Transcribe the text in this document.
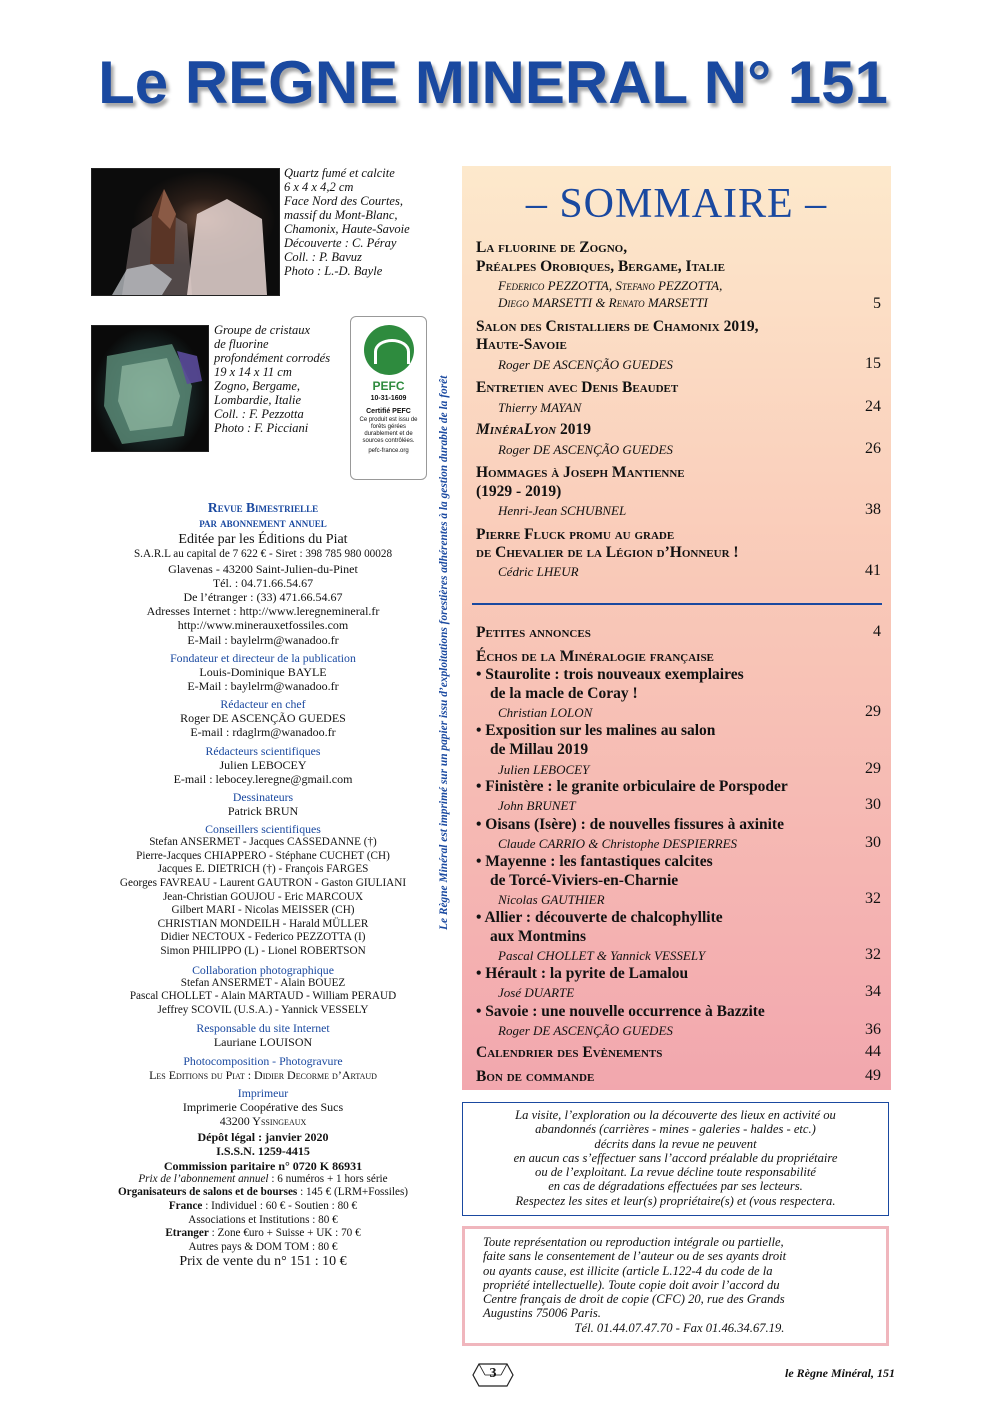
Le REGNE MINERAL N° 151
Quartz fumé et calcite
6 x 4 x 4,2 cm
Face Nord des Courtes,
massif du Mont-Blanc,
Chamonix, Haute-Savoie
Découverte : C. Péray
Coll. : P. Bavuz
Photo : L.-D. Bayle
Groupe de cristaux
de fluorine
profondément corrodés
19 x 14 x 11 cm
Zogno, Bergame,
Lombardie, Italie
Coll. : F. Pezzotta
Photo : F. Picciani
PEFC
10-31-1609
Certifié PEFC
Ce produit est issu de forêts gérées durablement et de sources contrôlées.
pefc-france.org	Le Règne Minéral est imprimé sur un papier issu d’exploitations forestières adhérentes à la gestion durable de la forêt
Revue Bimestrielle
par abonnement annuel
Editée par les Éditions du Piat
S.A.R.L au capital de 7 622 € - Siret : 398 785 980 00028
Glavenas - 43200 Saint-Julien-du-Pinet
Tél. : 04.71.66.54.67
De l’étranger : (33) 471.66.54.67
Adresses Internet : http://www.leregnemineral.fr
http://www.minerauxetfossiles.com
E-Mail : baylelrm@wanadoo.fr
Fondateur et directeur de la publication
Louis-Dominique BAYLE
E-Mail : baylelrm@wanadoo.fr
Rédacteur en chef
Roger DE ASCENÇÃO GUEDES
E-mail : rdaglrm@wanadoo.fr
Rédacteurs scientifiques
Julien LEBOCEY
E-mail : lebocey.leregne@gmail.com
Dessinateurs
Patrick BRUN
Conseillers scientifiques
Stefan ANSERMET - Jacques CASSEDANNE (†)
Pierre-Jacques CHIAPPERO - Stéphane CUCHET (CH)
Jacques E. DIETRICH (†) - François FARGES
Georges FAVREAU - Laurent GAUTRON - Gaston GIULIANI
Jean-Christian GOUJOU - Eric MARCOUX
Gilbert MARI - Nicolas MEISSER (CH)
CHRISTIAN MONDEILH - Harald MÜLLER
Didier NECTOUX - Federico PEZZOTTA (I)
Simon PHILIPPO (L) - Lionel ROBERTSON
Collaboration photographique
Stefan ANSERMET - Alain BOUEZ
Pascal CHOLLET - Alain MARTAUD - William PERAUD
Jeffrey SCOVIL (U.S.A.) - Yannick VESSELY
Responsable du site Internet
Lauriane LOUISON
Photocomposition - Photogravure
Les Editions du Piat : Didier Decorme d’Artaud
Imprimeur
Imprimerie Coopérative des Sucs
43200 Yssingeaux
Dépôt légal : janvier 2020
I.S.S.N. 1259-4415
Commission paritaire n° 0720 K 86931
Prix de l’abonnement annuel : 6 numéros + 1 hors série
Organisateurs de salons et de bourses : 145 € (LRM+Fossiles)
France : Individuel : 60 € - Soutien : 80 €
Associations et Institutions : 80 €
Etranger : Zone €uro + Suisse + UK : 70 €
Autres pays & DOM TOM : 80 €
Prix de vente du n° 151 : 10 €
– SOMMAIRE –
La fluorine de Zogno,
Préalpes Orobiques, Bergame, Italie
Federico PEZZOTTA, Stefano PEZZOTTA,
Diego MARSETTI & Renato MARSETTI	5
Salon des Cristalliers de Chamonix 2019,
Haute-Savoie
Roger DE ASCENÇÃO GUEDES	15
Entretien avec Denis Beaudet
Thierry MAYAN	24
MinéraLyon 2019
Roger DE ASCENÇÃO GUEDES	26
Hommages à Joseph Mantienne
(1929 - 2019)
Henri-Jean SCHUBNEL	38
Pierre Fluck promu au grade
de Chevalier de la Légion d’Honneur !
Cédric LHEUR	41
Petites annonces	4
Échos de la Minéralogie française
• Staurolite : trois nouveaux exemplaires
de la macle de Coray !
Christian LOLON	29
• Exposition sur les malines au salon
de Millau 2019
Julien LEBOCEY	29
• Finistère : le granite orbiculaire de Porspoder
John BRUNET	30
• Oisans (Isère) : de nouvelles fissures à axinite
Claude CARRIO & Christophe DESPIERRES	30
• Mayenne : les fantastiques calcites
de Torcé-Viviers-en-Charnie
Nicolas GAUTHIER	32
• Allier : découverte de chalcophyllite
aux Montmins
Pascal CHOLLET & Yannick VESSELY	32
• Hérault : la pyrite de Lamalou
José DUARTE	34
• Savoie : une nouvelle occurrence à Bazzite
Roger DE ASCENÇÃO GUEDES	36
Calendrier des Evènements	44
Bon de commande	49
La visite, l’exploration ou la découverte des lieux en activité ou
abandonnés (carrières - mines - galeries - haldes - etc.)
décrits dans la revue ne peuvent
en aucun cas s’effectuer sans l’accord préalable du propriétaire
ou de l’exploitant. La revue décline toute responsabilité
en cas de dégradations effectuées par ses lecteurs.
Respectez les sites et leur(s) propriétaire(s) et (vous respectera.
Toute représentation ou reproduction intégrale ou partielle,
faite sans le consentement de l’auteur ou de ses ayants droit
ou ayants cause, est illicite (article L.122-4 du code de la
propriété intellectuelle). Toute copie doit avoir l’accord du
Centre français de droit de copie (CFC) 20, rue des Grands
Augustins 75006 Paris.
Tél. 01.44.07.47.70 - Fax 01.46.34.67.19.
3	le Règne Minéral, 151
